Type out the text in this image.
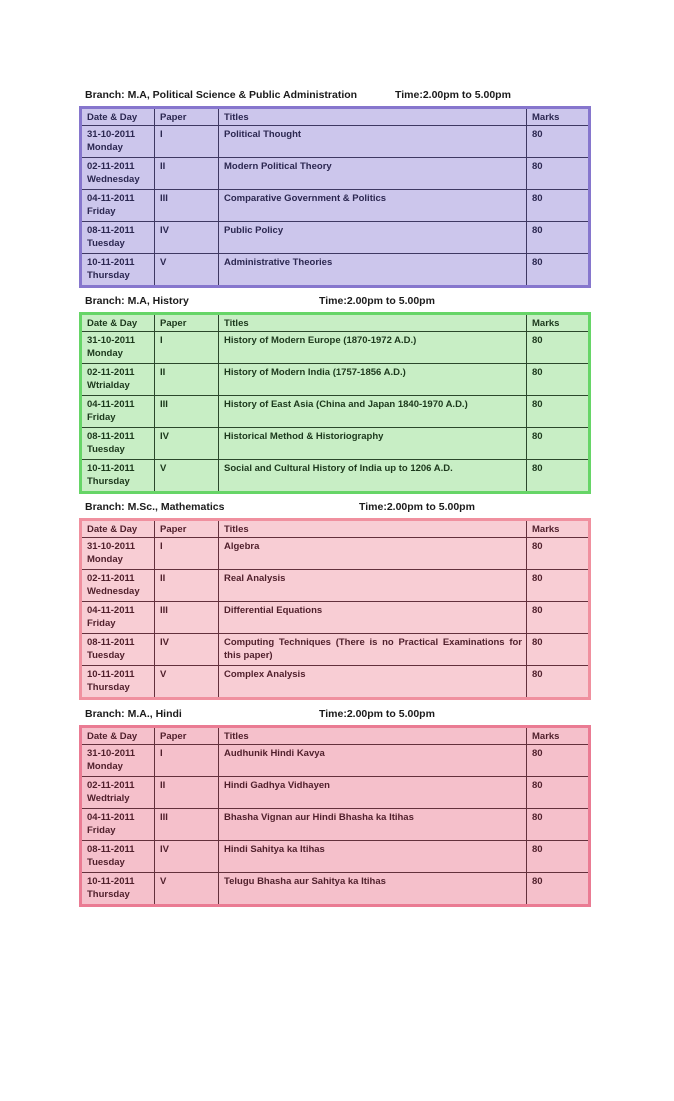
Branch: M.A, Political Science & Public Administration	Time:2.00pm to 5.00pm
Date & Day	Paper	Titles	Marks
31-10-2011
Monday	I	Political Thought	80
02-11-2011
Wednesday	II	Modern Political Theory	80
04-11-2011
Friday	III	Comparative Government & Politics	80
08-11-2011
Tuesday	IV	Public Policy	80
10-11-2011
Thursday	V	Administrative Theories	80
Branch: M.A, History	Time:2.00pm to 5.00pm
Date & Day	Paper	Titles	Marks
31-10-2011
Monday	I	History of Modern Europe (1870-1972 A.D.)	80
02-11-2011
Wtrialday	II	History of Modern India (1757-1856 A.D.)	80
04-11-2011
Friday	III	History of East Asia (China and Japan 1840-1970 A.D.)	80
08-11-2011
Tuesday	IV	Historical Method & Historiography	80
10-11-2011
Thursday	V	Social and Cultural History of India up to 1206 A.D.	80
Branch: M.Sc., Mathematics	Time:2.00pm to 5.00pm
Date & Day	Paper	Titles	Marks
31-10-2011
Monday	I	Algebra	80
02-11-2011
Wednesday	II	Real Analysis	80
04-11-2011
Friday	III	Differential Equations	80
08-11-2011
Tuesday	IV	Computing Techniques (There is no Practical Examinations for this paper)	80
10-11-2011
Thursday	V	Complex Analysis	80
Branch: M.A., Hindi	Time:2.00pm to 5.00pm
Date & Day	Paper	Titles	Marks
31-10-2011
Monday	I	Audhunik Hindi Kavya	80
02-11-2011
Wedtrialy	II	Hindi Gadhya Vidhayen	80
04-11-2011
Friday	III	Bhasha Vignan aur Hindi Bhasha ka Itihas	80
08-11-2011
Tuesday	IV	Hindi Sahitya ka Itihas	80
10-11-2011
Thursday	V	Telugu Bhasha aur Sahitya ka Itihas	80
